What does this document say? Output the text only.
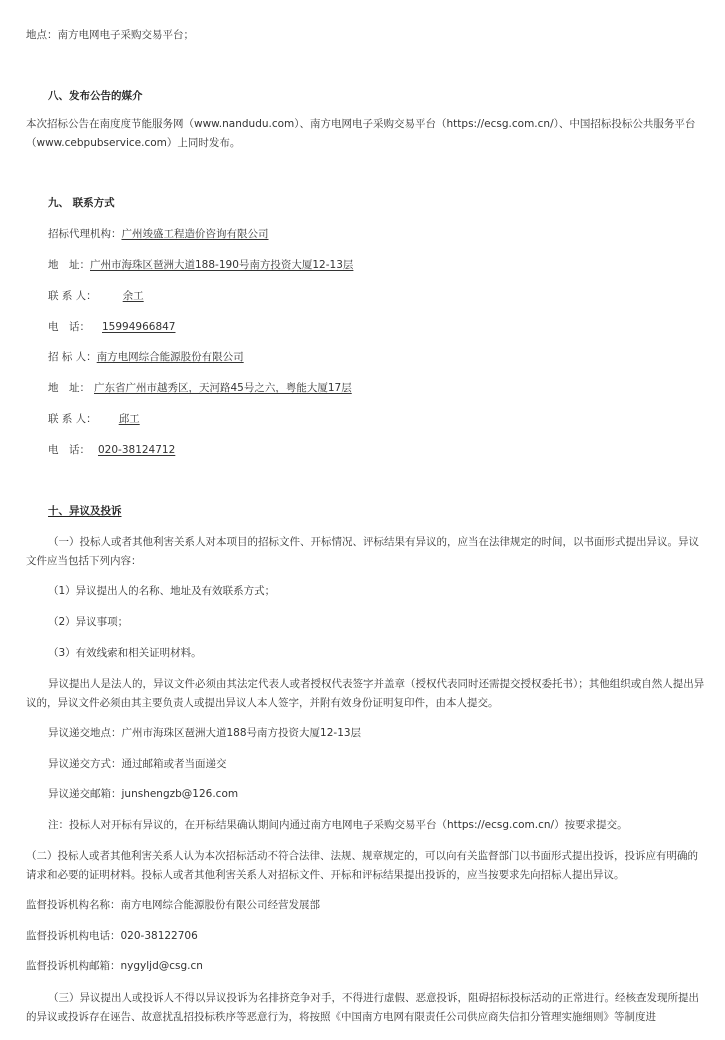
地点：南方电网电子采购交易平台；
八、发布公告的媒介
本次招标公告在南度度节能服务网（www.nandudu.com）、南方电网电子采购交易平台（https://ecsg.com.cn/）、中国招标投标公共服务平台（www.cebpubservice.com）上同时发布。
九、 联系方式
招标代理机构：广州竣盛工程造价咨询有限公司
地　址：广州市海珠区琶洲大道188-190号南方投资大厦12-13层
联 系 人： 余工
电　话： 15994966847
招 标 人：南方电网综合能源股份有限公司
地　址： 广东省广州市越秀区，天河路45号之六，粤能大厦17层
联 系 人： 邱工
电　话： 020-38124712
十、异议及投诉
（一）投标人或者其他利害关系人对本项目的招标文件、开标情况、评标结果有异议的，应当在法律规定的时间，以书面形式提出异议。异议文件应当包括下列内容：
（1）异议提出人的名称、地址及有效联系方式；
（2）异议事项；
（3）有效线索和相关证明材料。
异议提出人是法人的，异议文件必须由其法定代表人或者授权代表签字并盖章（授权代表同时还需提交授权委托书）；其他组织或自然人提出异议的，异议文件必须由其主要负责人或提出异议人本人签字，并附有效身份证明复印件，由本人提交。
异议递交地点：广州市海珠区琶洲大道188号南方投资大厦12-13层
异议递交方式：通过邮箱或者当面递交
异议递交邮箱：junshengzb@126.com
注：投标人对开标有异议的，在开标结果确认期间内通过南方电网电子采购交易平台（https://ecsg.com.cn/）按要求提交。
（二）投标人或者其他利害关系人认为本次招标活动不符合法律、法规、规章规定的，可以向有关监督部门以书面形式提出投诉，投诉应有明确的请求和必要的证明材料。投标人或者其他利害关系人对招标文件、开标和评标结果提出投诉的，应当按要求先向招标人提出异议。
监督投诉机构名称：南方电网综合能源股份有限公司经营发展部
监督投诉机构电话：020-38122706
监督投诉机构邮箱：nygyljd@csg.cn
（三）异议提出人或投诉人不得以异议投诉为名排挤竞争对手，不得进行虚假、恶意投诉，阻碍招标投标活动的正常进行。经核查发现所提出的异议或投诉存在诬告、故意扰乱招投标秩序等恶意行为，将按照《中国南方电网有限责任公司供应商失信扣分管理实施细则》等制度进
